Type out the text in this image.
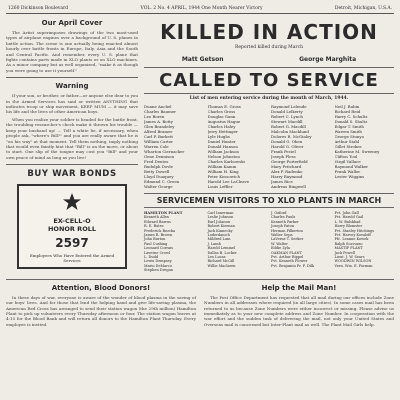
1260 Dickinson Boulevard	VOL. 2 No. 4 APRIL, 1944 One Month Nearer Victory	Detroit, Michigan, U.S.A.
Our April Cover

The Artist superimposes drawings of the two most-used types of airplane engines over a background of U. S. planes in battle action. The scene is one actually being enacted almost hourly over battle fronts in Europe, Italy, Asia and the South and Central Pacific. And remember, every U. S. plane that fights contains parts made in XLO plants or on XLO machines. As a minor company but as well organized, "make it as though you were going to use it yourself."

Warning

If your son, or brother, or father—or anyone else dear to you in the Armed Services has said or written ANYTHING that indicates troop or ship movement, KEEP MUM — it may save his life and the lives of other American boys.

When you realize your soldier is headed for the battle front, the troubling researcher's check make it thrown his trouble —keep your husband up! ... Tell a white lie, if necessary, when people ask, "where's Bill?" and you are really aware that he is "on his way" at that moment. Tell them nothing, imply nothing that would even faintly hint that "Bill" is on the move, or about to start. One slip of the tongue may cost you "Bill" and your own peace of mind as long as you live!

BUY WAR BONDS
EX-CELL-O
HONOR ROLL
2597
Employees Who Have Entered the Armed Services
KILLED IN ACTION
Reported killed during March
Matt Getson	George Marghita
CALLED TO SERVICE
List of men entering service during the month of March, 1944.
Duane Anchel	Thomas E. Gross	Raymond Lelende	Neil J. Rubin
Charles Baumer	Charles Gross	Donald Lelkerty	Richard Reid
Leo Boren	Douglas Gunn	Robert C. Lynch	Harry C. Schultz
James A. Botty	Augustus Hague	Stewart Macdill	Donald S. Shultz
Glen Brandeley	Charles Haley	Robert G. Macdill	Edgar T. Smith
Alfred Bramer	Jerry Hettinger	Malcolm Macklund	Warren Smith
Carl P. Burkett	Lyle Hughs	Dolores R. McGinley	George Stunyo
William Carter	Daniel Hunter	Donald G. Oben	Arthur Stahl
Warren Cole	Donald Hanson	Harold G. Oliver	Gillet Strokes
Wharton Ciernacker	William Jackson	Frank Peciel	Katherine M. Sweeney
Gene Dennison	Nelson Johnston	Joseph Pless	Clifton Tool
Fred Deutes	Charles Karbowski	George Porterfield	Virgil Vallace
Rudolph Dovle	William Kamm	Mary Pritchard	Raymond Walker
Betty Dowell	William H. King	Alex P. Radenko	Frank Waller
Lloyd Duaquey	Peter Kossowich	Harry Raymond	Lester Wiggins
Edmund C. Green	Harold Lee LaCleave	James Rice
Walter George	Louis Leffler	Andreas Ringwell
SERVICEMEN VISITORS TO XLO PLANTS IN MARCH
HAMILTON PLANT
Kenneth Allen
Edward Barrus
R. E. Bates
Frederick Bezcka
James R. Brown
John Burton
Paul Cushing
Leonard Corrais
Laverne Crowl
L. Dudd
Lewis Dempsey
Mario DeMarco
Stephen Dregan
Carl Innerman
Leslie Johnson
Earl Johnson
Robert Kiernan
Jack Kinnecky
Loderdanich
Mildred Lam
J. Lamb
Harold Lemmel
Dallas B. Locker
Leo Lucas
Richard McGill
Willie Maclaren
J. Oxford
Charles Pauls
Kenneth Parker
Joseph Paton
Herman Pilkerton
Walter Sepa
LaVerne T. Seeker
W. Walter
Eddie Zyla
OAKMAN PLANT
Pvt. Arthur Rippel
Pvt. Kenneth Flower
Pvt. Benjamin Pr. F. Dilk
Pvt. John Gall
Pvt. Harold Gail
L. W. Balskhad
Harry Blomster
Pvt. Stanley Hitchings
Pvt. Harvey Kovaleff
Pfc. Leanne Kowek
Ralph Scavuzzo
MASTIF PLANT
Jack Powell
Lieut. J. W. Sears
WOODWIN WILSON
Vern. Wm. E. Forman
Attention, Blood Donors!

In these days of war, everyone is aware of the wonder of blood plasma in the saving of our boys' lives. And for those that lend the helping hand and give life-saving plasma, the American Red Cross has arranged to send their station wagon (the 29th million) Hamilton Plant to pick up volunteers every Thursday afternoon or four. The station wagon leaves at 4:15 for the Blood Bank and will return all donors to the Hamilton Plant Thursday. Every employee is invited.

Help the Mail Man!

The Post Office Department has requested that all mail during our offices include Zone Numbers in all addresses where required (in all large cities). In some cases mail has been returned to us because Zone Numbers were either incorrect or missing. Please advise us immediately as to your new complete address and Zone Number. In cooperation with the war effort and the sudden task of delivering the mail, not only your United States and Overseas mail is concerned but Inter-Plant mail as well. The Plant Mail Girls help.
